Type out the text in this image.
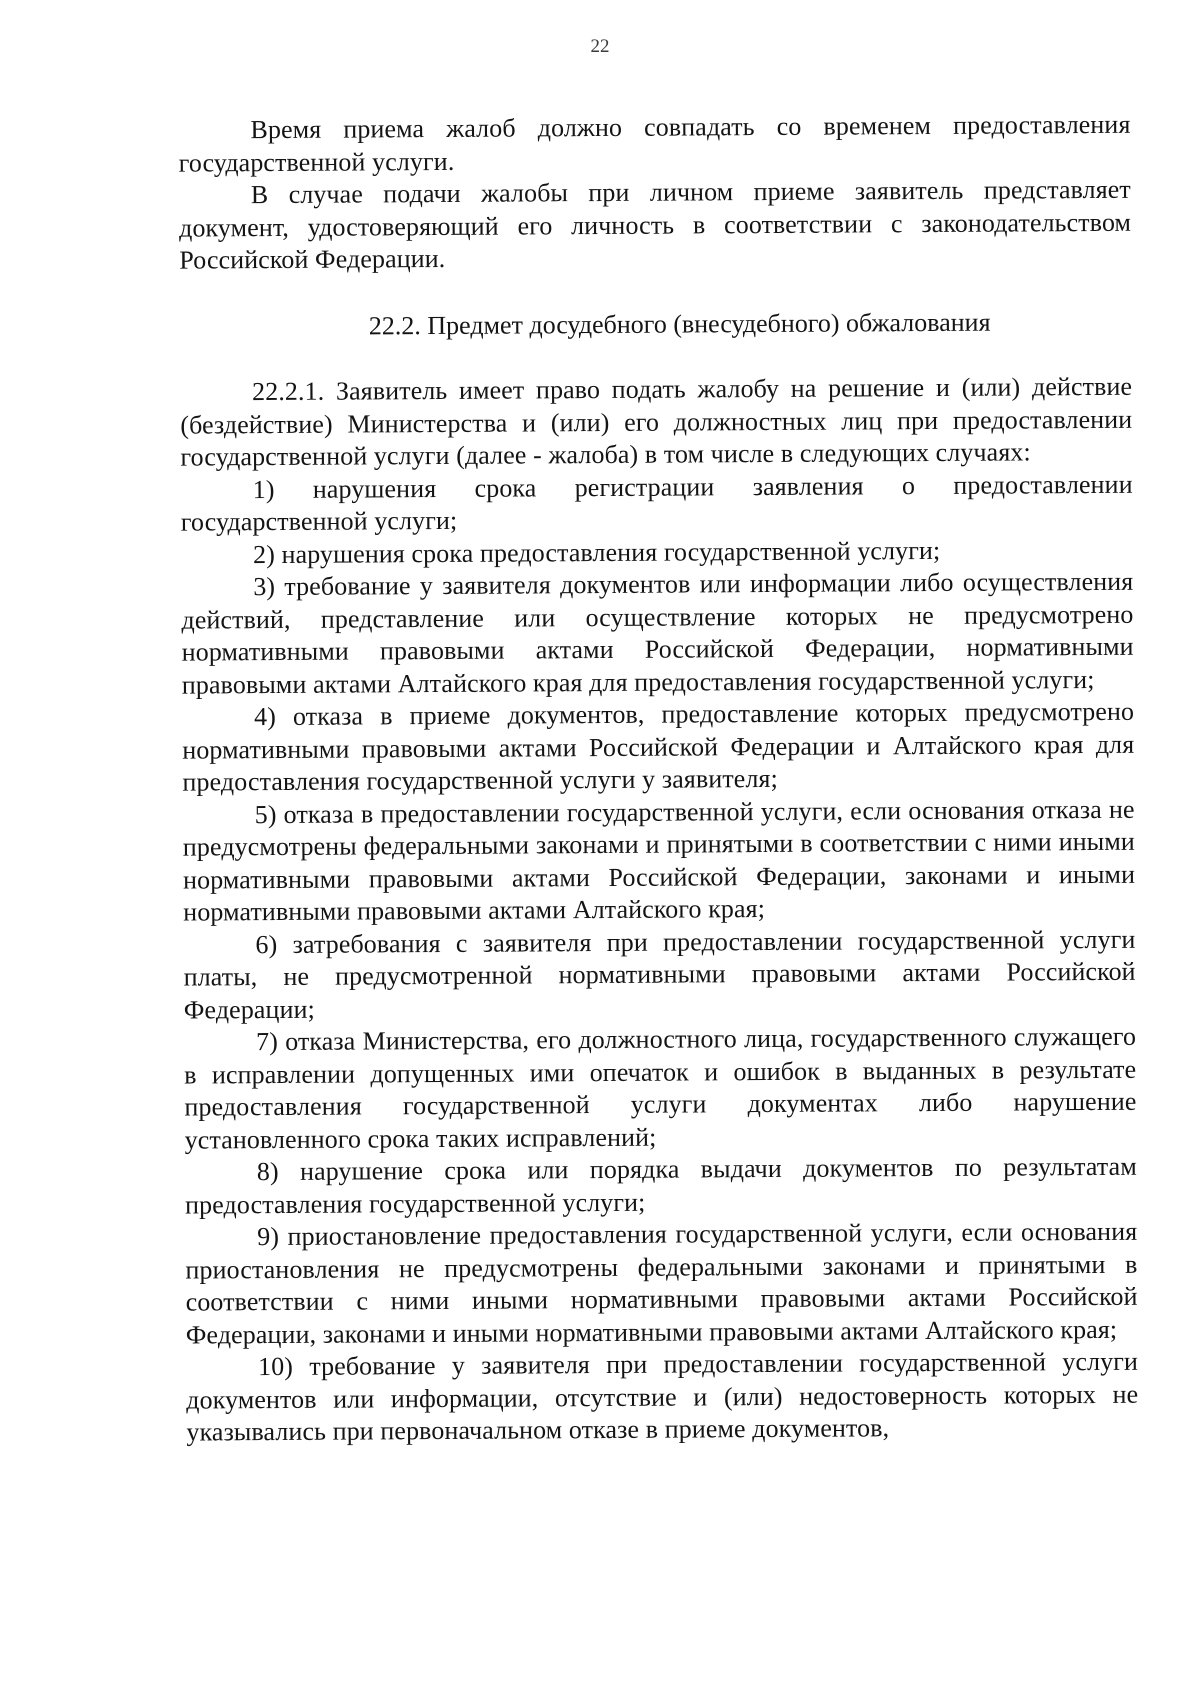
22

Время приема жалоб должно совпадать со временем предоставления государственной услуги.

В случае подачи жалобы при личном приеме заявитель представляет документ, удостоверяющий его личность в соответствии с законодательством Российской Федерации.

22.2. Предмет досудебного (внесудебного) обжалования

22.2.1. Заявитель имеет право подать жалобу на решение и (или) действие (бездействие) Министерства и (или) его должностных лиц при предоставлении государственной услуги (далее - жалоба) в том числе в следующих случаях:

1) нарушения срока регистрации заявления о предоставлении государственной услуги;

2) нарушения срока предоставления государственной услуги;

3) требование у заявителя документов или информации либо осуществления действий, представление или осуществление которых не предусмотрено нормативными правовыми актами Российской Федерации, нормативными правовыми актами Алтайского края для предоставления государственной услуги;

4) отказа в приеме документов, предоставление которых предусмотрено нормативными правовыми актами Российской Федерации и Алтайского края для предоставления государственной услуги у заявителя;

5) отказа в предоставлении государственной услуги, если основания отказа не предусмотрены федеральными законами и принятыми в соответствии с ними иными нормативными правовыми актами Российской Федерации, законами и иными нормативными правовыми актами Алтайского края;

6) затребования с заявителя при предоставлении государственной услуги платы, не предусмотренной нормативными правовыми актами Российской Федерации;

7) отказа Министерства, его должностного лица, государственного служащего в исправлении допущенных ими опечаток и ошибок в выданных в результате предоставления государственной услуги документах либо нарушение установленного срока таких исправлений;

8) нарушение срока или порядка выдачи документов по результатам предоставления государственной услуги;

9) приостановление предоставления государственной услуги, если основания приостановления не предусмотрены федеральными законами и принятыми в соответствии с ними иными нормативными правовыми актами Российской Федерации, законами и иными нормативными правовыми актами Алтайского края;

10) требование у заявителя при предоставлении государственной услуги документов или информации, отсутствие и (или) недостоверность которых не указывались при первоначальном отказе в приеме документов,
